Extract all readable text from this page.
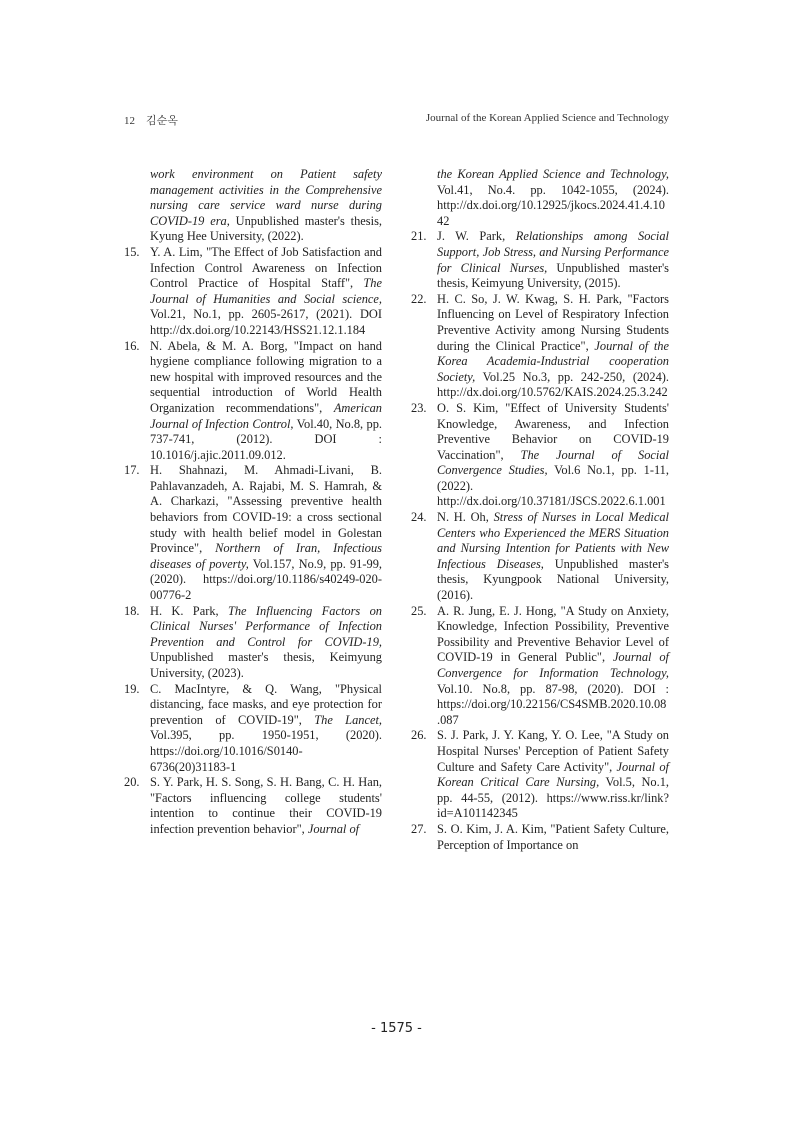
12 김순옥	Journal of the Korean Applied Science and Technology
work environment on Patient safety management activities in the Comprehensive nursing care service ward nurse during COVID-19 era, Unpublished master's thesis, Kyung Hee University, (2022).
15. Y. A. Lim, "The Effect of Job Satisfaction and Infection Control Awareness on Infection Control Practice of Hospital Staff", The Journal of Humanities and Social science, Vol.21, No.1, pp. 2605-2617, (2021). DOI http://dx.doi.org/10.22143/HSS21.12.1.184
16. N. Abela, & M. A. Borg, "Impact on hand hygiene compliance following migration to a new hospital with improved resources and the sequential introduction of World Health Organization recommendations", American Journal of Infection Control, Vol.40, No.8, pp. 737-741, (2012). DOI : 10.1016/j.ajic.2011.09.012.
17. H. Shahnazi, M. Ahmadi-Livani, B. Pahlavanzadeh, A. Rajabi, M. S. Hamrah, & A. Charkazi, "Assessing preventive health behaviors from COVID-19: a cross sectional study with health belief model in Golestan Province", Northern of Iran, Infectious diseases of poverty, Vol.157, No.9, pp. 91-99, (2020). https://doi.org/10.1186/s40249-020-00776-2
18. H. K. Park, The Influencing Factors on Clinical Nurses' Performance of Infection Prevention and Control for COVID-19, Unpublished master's thesis, Keimyung University, (2023).
19. C. MacIntyre, & Q. Wang, "Physical distancing, face masks, and eye protection for prevention of COVID-19", The Lancet, Vol.395, pp. 1950-1951, (2020). https://doi.org/10.1016/S0140-6736(20)31183-1
20. S. Y. Park, H. S. Song, S. H. Bang, C. H. Han, "Factors influencing college students' intention to continue their COVID-19 infection prevention behavior", Journal of
the Korean Applied Science and Technology, Vol.41, No.4. pp. 1042-1055, (2024). http://dx.doi.org/10.12925/jkocs.2024.41.4.1042
21. J. W. Park, Relationships among Social Support, Job Stress, and Nursing Performance for Clinical Nurses, Unpublished master's thesis, Keimyung University, (2015).
22. H. C. So, J. W. Kwag, S. H. Park, "Factors Influencing on Level of Respiratory Infection Preventive Activity among Nursing Students during the Clinical Practice", Journal of the Korea Academia-Industrial cooperation Society, Vol.25 No.3, pp. 242-250, (2024). http://dx.doi.org/10.5762/KAIS.2024.25.3.242
23. O. S. Kim, "Effect of University Students' Knowledge, Awareness, and Infection Preventive Behavior on COVID-19 Vaccination", The Journal of Social Convergence Studies, Vol.6 No.1, pp. 1-11, (2022). http://dx.doi.org/10.37181/JSCS.2022.6.1.001
24. N. H. Oh, Stress of Nurses in Local Medical Centers who Experienced the MERS Situation and Nursing Intention for Patients with New Infectious Diseases, Unpublished master's thesis, Kyungpook National University, (2016).
25. A. R. Jung, E. J. Hong, "A Study on Anxiety, Knowledge, Infection Possibility, Preventive Possibility and Preventive Behavior Level of COVID-19 in General Public", Journal of Convergence for Information Technology, Vol.10. No.8, pp. 87-98, (2020). DOI : https://doi.org/10.22156/CS4SMB.2020.10.08.087
26. S. J. Park, J. Y. Kang, Y. O. Lee, "A Study on Hospital Nurses' Perception of Patient Safety Culture and Safety Care Activity", Journal of Korean Critical Care Nursing, Vol.5, No.1, pp. 44-55, (2012). https://www.riss.kr/link?id=A101142345
27. S. O. Kim, J. A. Kim, "Patient Safety Culture, Perception of Importance on
- 1575 -
